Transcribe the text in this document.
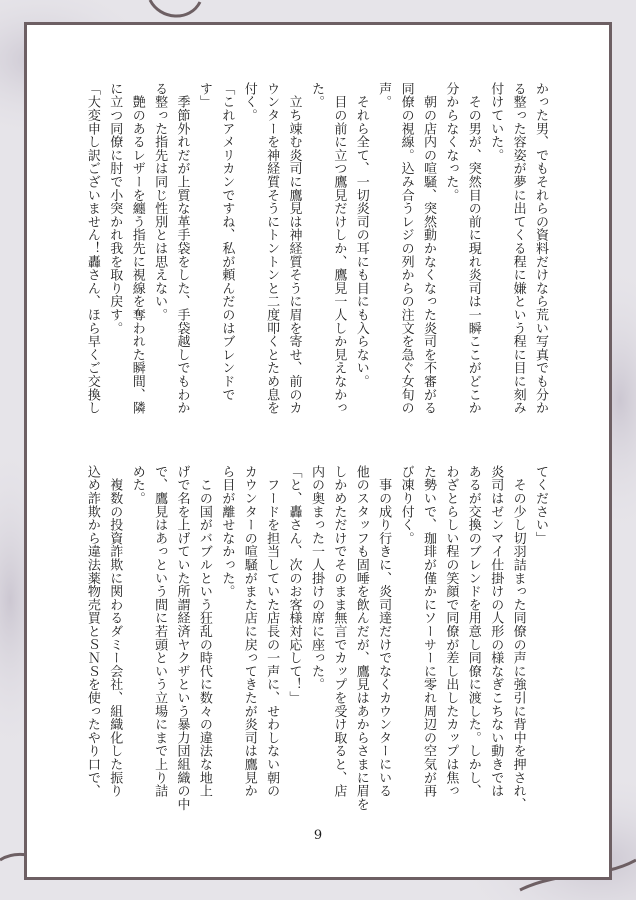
かった男、でもそれらの資料だけなら荒い写真でも分か

る整った容姿が夢に出てくる程に嫌という程に目に刻み

付けていた。

　その男が、突然目の前に現れ炎司は一瞬ここがどこか

分からなくなった。

　朝の店内の喧騒、突然動かなくなった炎司を不審がる

同僚の視線。込み合うレジの列からの注文を急ぐ女旬の

声。

　それら全て、一切炎司の耳にも目にも入らない。

　目の前に立つ鷹見だけしか、鷹見一人しか見えなかっ

た。

　立ち竦む炎司に鷹見は神経質そうに眉を寄せ、前のカ

ウンターを神経質そうにトントンと二度叩くとため息を

付く。

「これアメリカンですね、私が頼んだのはブレンドで

す」

　季節外れだが上質な革手袋をした、手袋越しでもわか

る整った指先は同じ性別とは思えない。

　艶のあるレザーを纏う指先に視線を奪われた瞬間、隣

に立つ同僚に肘で小突かれ我を取り戻す。

「大変申し訳ございません！轟さん、ほら早くご交換し

てください」

　その少し切羽詰まった同僚の声に強引に背中を押され、

炎司はゼンマイ仕掛けの人形の様なぎこちない動きでは

あるが交換のブレンドを用意し同僚に渡した。しかし、

わざとらしい程の笑顔で同僚が差し出したカップは焦っ

た勢いで、珈琲が僅かにソーサーに零れ周辺の空気が再

び凍り付く。

　事の成り行きに、炎司達だけでなくカウンターにいる

他のスタッフも固唾を飲んだが、鷹見はあからさまに眉を

しかめただけでそのまま無言でカップを受け取ると、店

内の奥まった一人掛けの席に座った。

「と、轟さん、次のお客様対応して！」

　フードを担当していた店長の一声に、せわしない朝の

カウンターの喧騒がまた店に戻ってきたが炎司は鷹見か

ら目が離せなかった。

　この国がバブルという狂乱の時代に数々の違法な地上

げで名を上げていた所謂経済ヤクザという暴力団組織の中

で、鷹見はあっという間に若頭という立場にまで上り詰

めた。

　複数の投資詐欺に関わるダミー会社、組織化した振り

込め詐欺から違法薬物売買とＳＮＳを使ったやり口で、

9
